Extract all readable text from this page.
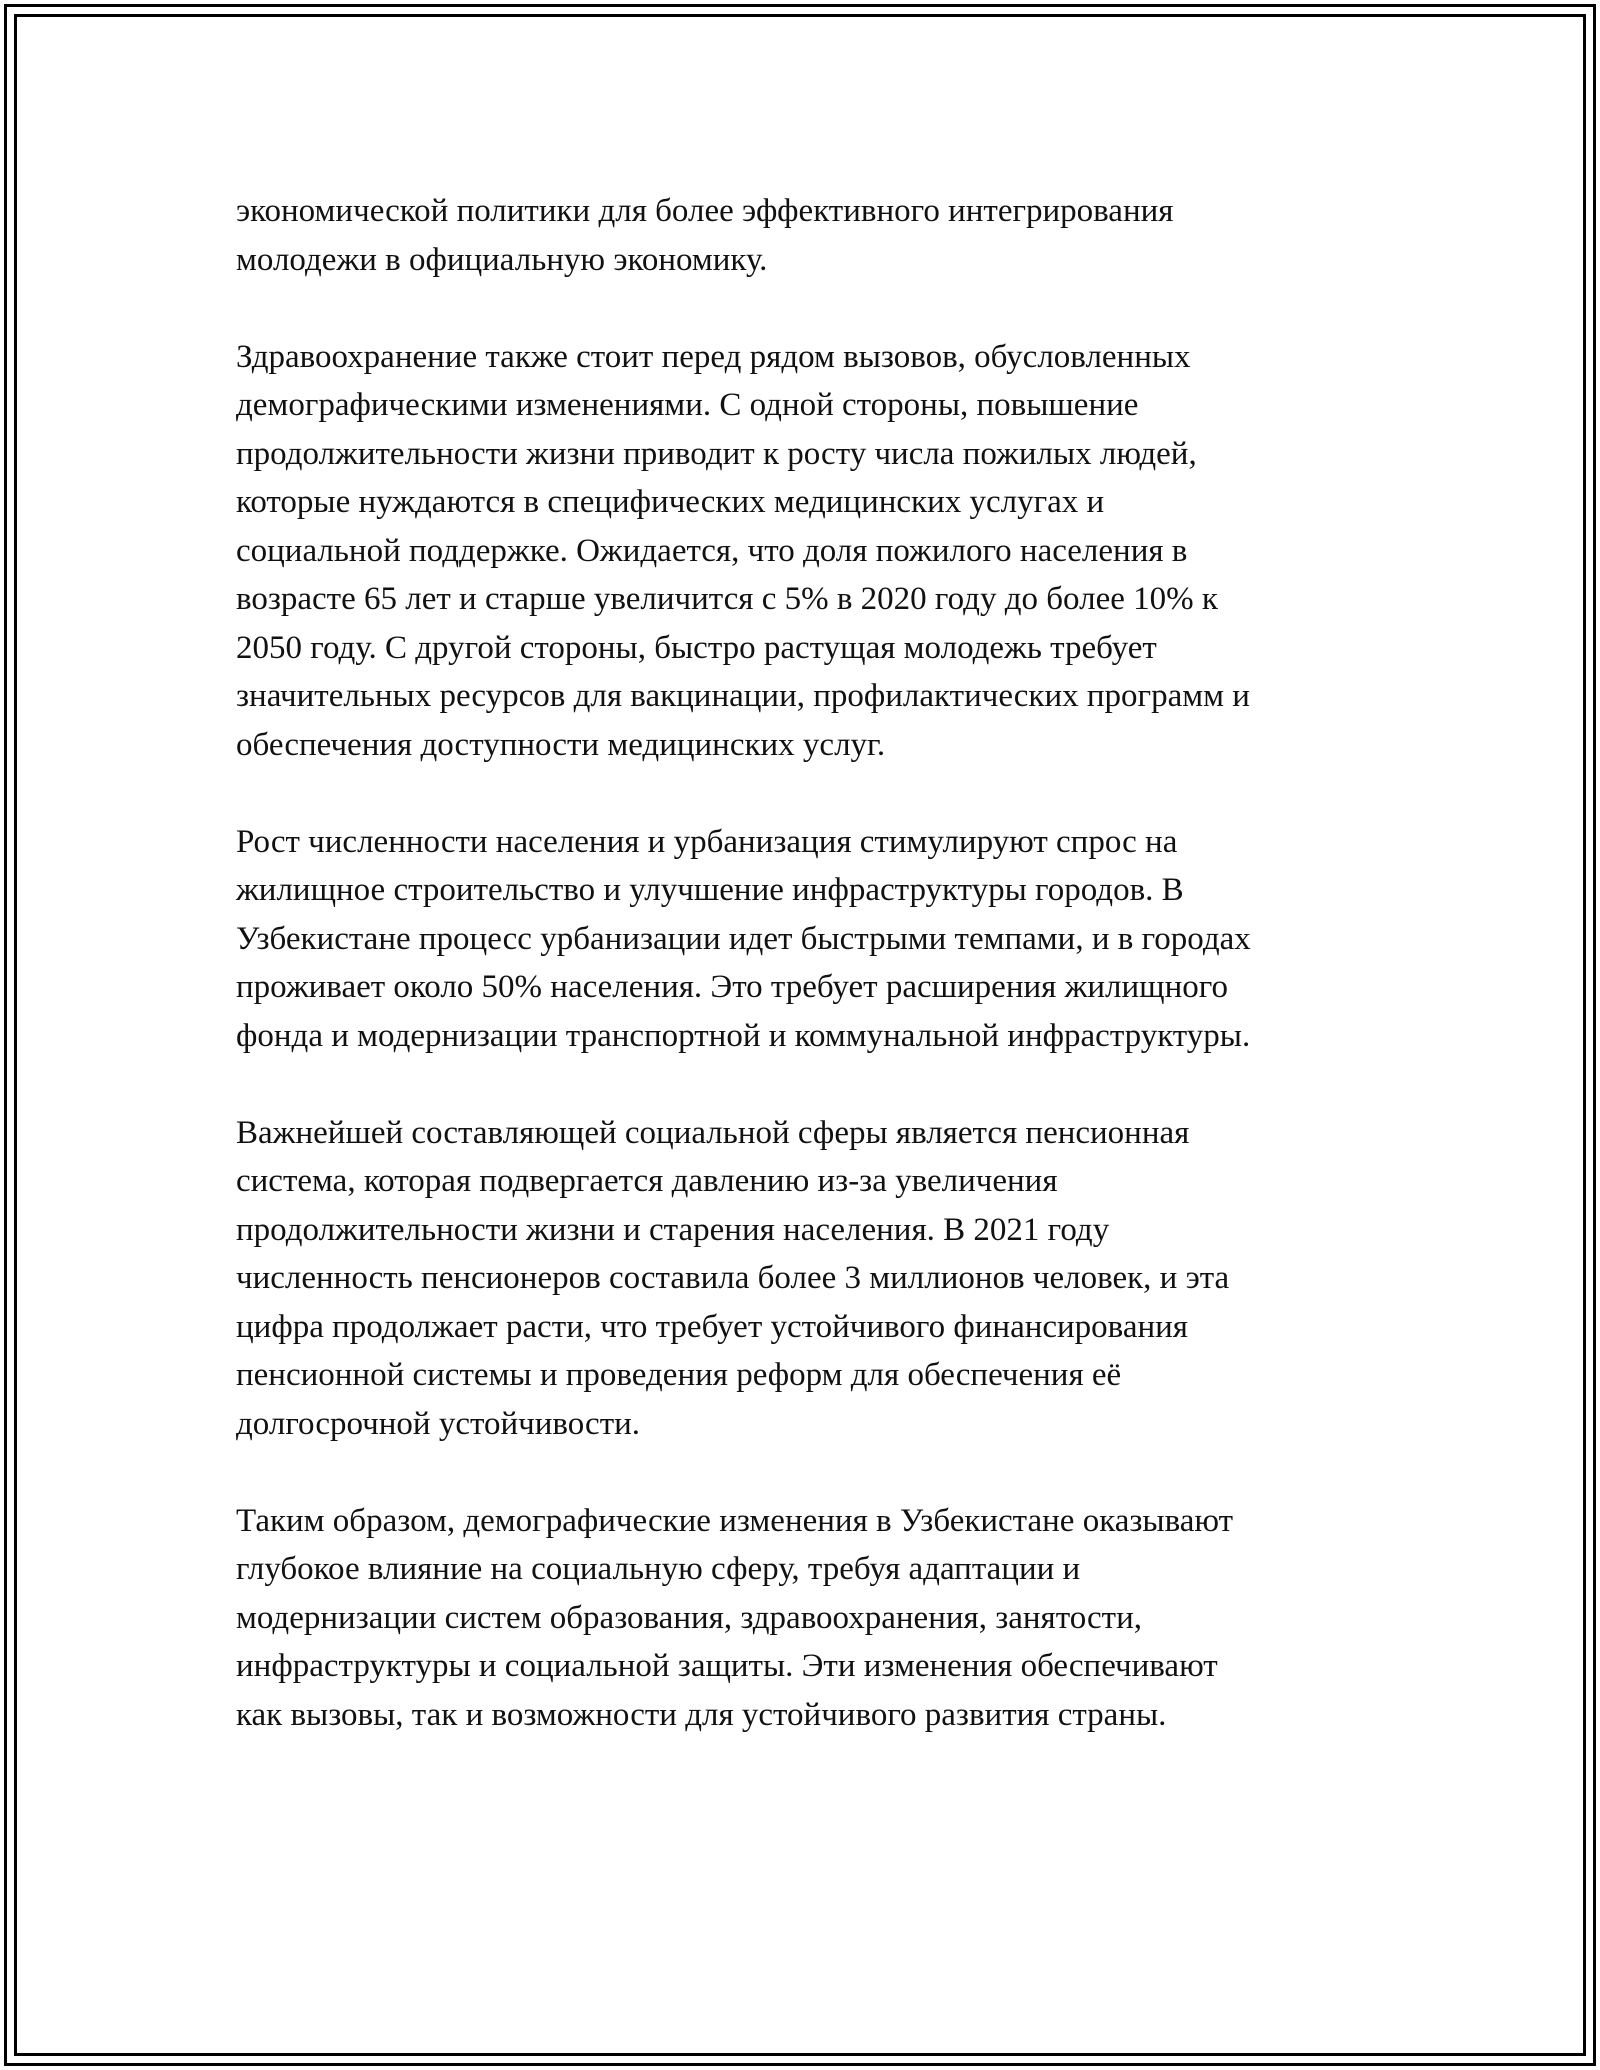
экономической политики для более эффективного интегрирования
молодежи в официальную экономику.
Здравоохранение также стоит перед рядом вызовов, обусловленных
демографическими изменениями. С одной стороны, повышение
продолжительности жизни приводит к росту числа пожилых людей,
которые нуждаются в специфических медицинских услугах и
социальной поддержке. Ожидается, что доля пожилого населения в
возрасте 65 лет и старше увеличится с 5% в 2020 году до более 10% к
2050 году. С другой стороны, быстро растущая молодежь требует
значительных ресурсов для вакцинации, профилактических программ и
обеспечения доступности медицинских услуг.
Рост численности населения и урбанизация стимулируют спрос на
жилищное строительство и улучшение инфраструктуры городов. В
Узбекистане процесс урбанизации идет быстрыми темпами, и в городах
проживает около 50% населения. Это требует расширения жилищного
фонда и модернизации транспортной и коммунальной инфраструктуры.
Важнейшей составляющей социальной сферы является пенсионная
система, которая подвергается давлению из-за увеличения
продолжительности жизни и старения населения. В 2021 году
численность пенсионеров составила более 3 миллионов человек, и эта
цифра продолжает расти, что требует устойчивого финансирования
пенсионной системы и проведения реформ для обеспечения её
долгосрочной устойчивости.
Таким образом, демографические изменения в Узбекистане оказывают
глубокое влияние на социальную сферу, требуя адаптации и
модернизации систем образования, здравоохранения, занятости,
инфраструктуры и социальной защиты. Эти изменения обеспечивают
как вызовы, так и возможности для устойчивого развития страны.
